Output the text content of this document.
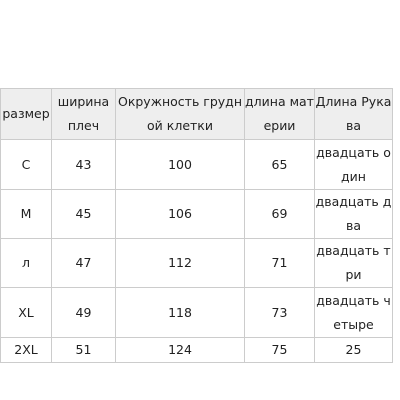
размер	ширина плеч	Окружность грудной клетки	длина материи	Длина Рукава

С	43	100	65	двадцать один

M	45	106	69	двадцать два

л	47	112	71	двадцать три

XL	49	118	73	двадцать четыре

2XL	51	124	75	25
